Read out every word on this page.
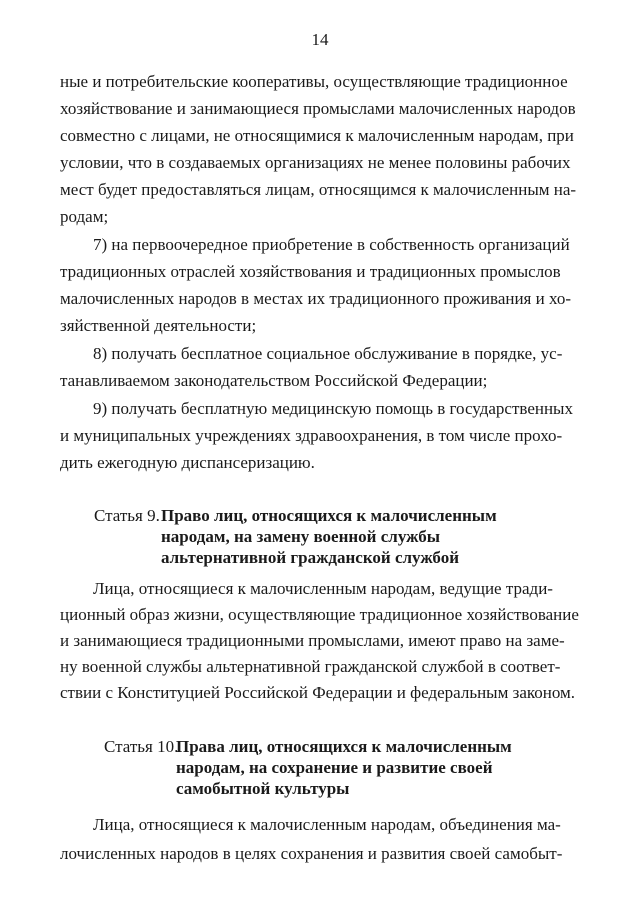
14
ные и потребительские кооперативы, осуществляющие традиционное
хозяйствование и занимающиеся промыслами малочисленных народов
совместно с лицами, не относящимися к малочисленным народам, при
условии, что в создаваемых организациях не менее половины рабочих
мест будет предоставляться лицам, относящимся к малочисленным на-
родам;
7) на первоочередное приобретение в собственность организаций
традиционных отраслей хозяйствования и традиционных промыслов
малочисленных народов в местах их традиционного проживания и хо-
зяйственной деятельности;
8) получать бесплатное социальное обслуживание в порядке, ус-
танавливаемом законодательством Российской Федерации;
9) получать бесплатную медицинскую помощь в государственных
и муниципальных учреждениях здравоохранения, в том числе прохо-
дить ежегодную диспансеризацию.
Статья 9. Право лиц, относящихся к малочисленным
народам, на замену военной службы
альтернативной гражданской службой
Лица, относящиеся к малочисленным народам, ведущие тради-
ционный образ жизни, осуществляющие традиционное хозяйствование
и занимающиеся традиционными промыслами, имеют право на заме-
ну военной службы альтернативной гражданской службой в соответ-
ствии с Конституцией Российской Федерации и федеральным законом.
Статья 10.
Права лиц, относящихся к малочисленным
народам, на сохранение и развитие своей
самобытной культуры
Лица, относящиеся к малочисленным народам, объединения ма-
лочисленных народов в целях сохранения и развития своей самобыт-
